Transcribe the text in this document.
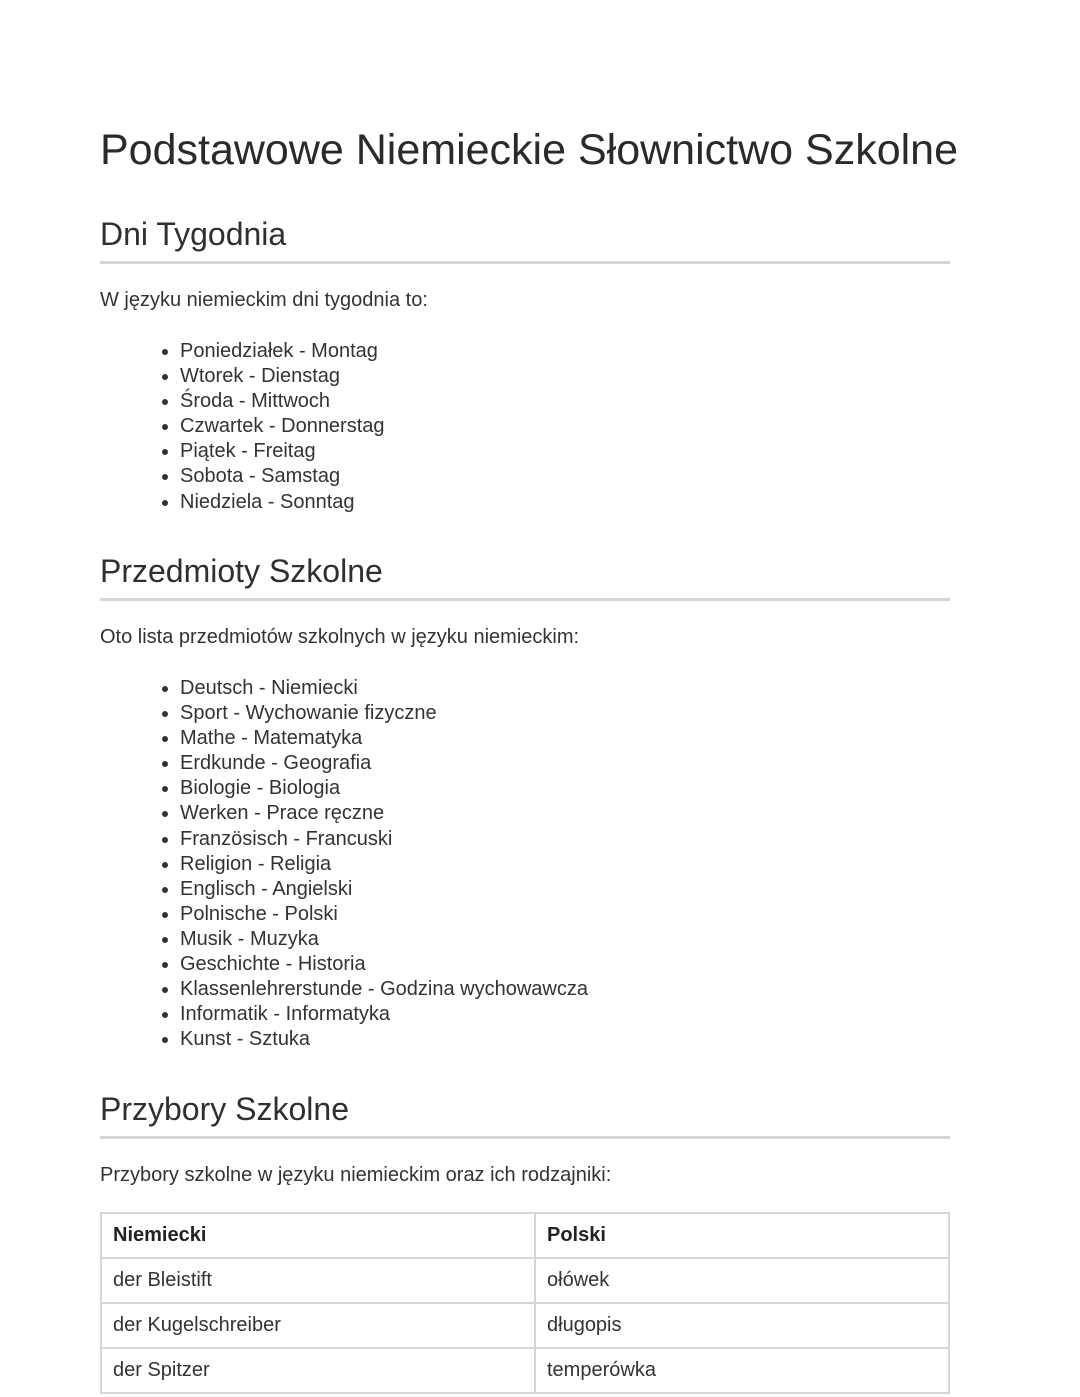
Podstawowe Niemieckie Słownictwo Szkolne
Dni Tygodnia

W języku niemieckim dni tygodnia to:

• Poniedziałek - Montag
• Wtorek - Dienstag
• Środa - Mittwoch
• Czwartek - Donnerstag
• Piątek - Freitag
• Sobota - Samstag
• Niedziela - Sonntag
Przedmioty Szkolne

Oto lista przedmiotów szkolnych w języku niemieckim:

• Deutsch - Niemiecki
• Sport - Wychowanie fizyczne
• Mathe - Matematyka
• Erdkunde - Geografia
• Biologie - Biologia
• Werken - Prace ręczne
• Französisch - Francuski
• Religion - Religia
• Englisch - Angielski
• Polnische - Polski
• Musik - Muzyka
• Geschichte - Historia
• Klassenlehrerstunde - Godzina wychowawcza
• Informatik - Informatyka
• Kunst - Sztuka
Przybory Szkolne

Przybory szkolne w języku niemieckim oraz ich rodzajniki:

Niemiecki	Polski
der Bleistift	ołówek
der Kugelschreiber	długopis
der Spitzer	temperówka
